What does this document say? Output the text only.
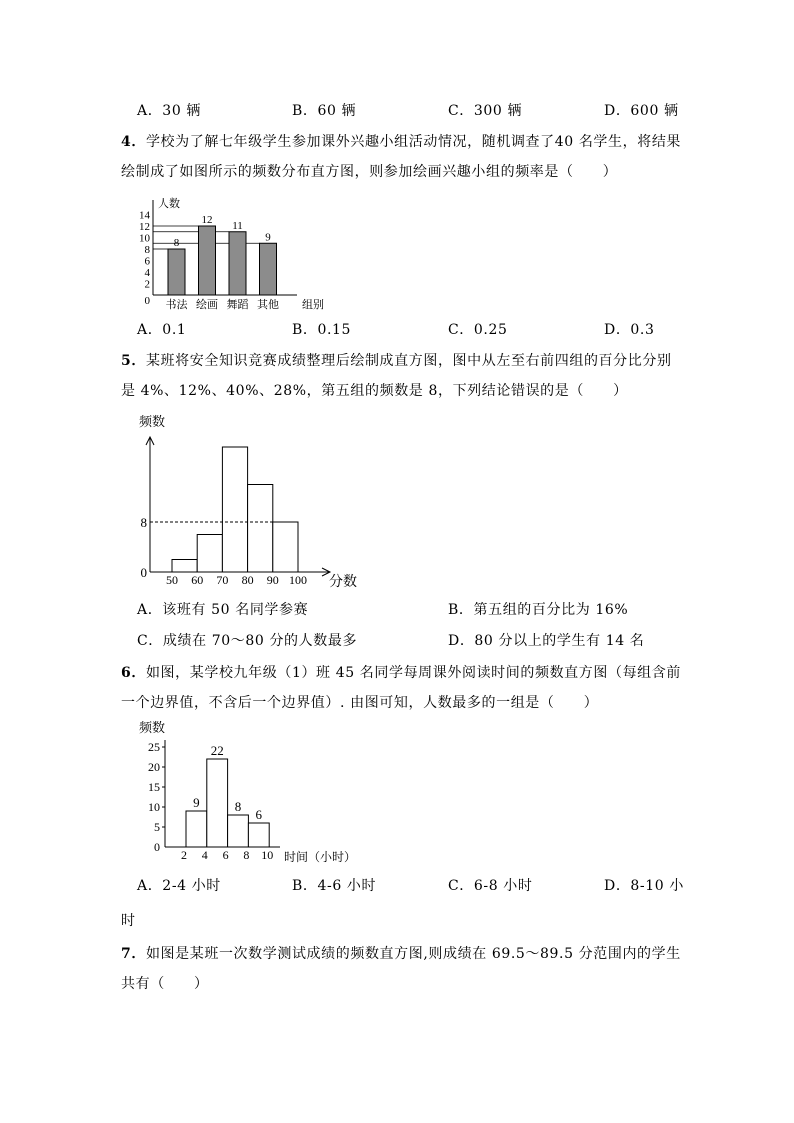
A．30 辆	B．60 辆	C．300 辆	D．600 辆
4．学校为了解七年级学生参加课外兴趣小组活动情况，随机调查了40 名学生，将结果
绘制成了如图所示的频数分布直方图，则参加绘画兴趣小组的频率是（　　）
0
2
4
6
8
10
12
14
8
书法
12
绘画
11
舞蹈
9
其他
人数
组别
A．0.1	B．0.15	C．0.25	D．0.3
5．某班将安全知识竞赛成绩整理后绘制成直方图，图中从左至右前四组的百分比分别
是 4%、12%、40%、28%，第五组的频数是 8，下列结论错误的是（　　）
0
8
50 60 70 80 90 100
频数
分数
A．该班有 50 名同学参赛	B．第五组的百分比为 16%
C．成绩在 70～80 分的人数最多	D．80 分以上的学生有 14 名
6．如图，某学校九年级（1）班 45 名同学每周课外阅读时间的频数直方图（每组含前
一个边界值，不含后一个边界值）. 由图可知，人数最多的一组是（　　）
0
5
10
15
20
25
9
22
8
6
2 4 6 8 10
频数
时间（小时）
A．2-4 小时	B．4-6 小时	C．6-8 小时	D．8-10 小
时
7．如图是某班一次数学测试成绩的频数直方图,则成绩在 69.5～89.5 分范围内的学生
共有（　　）
